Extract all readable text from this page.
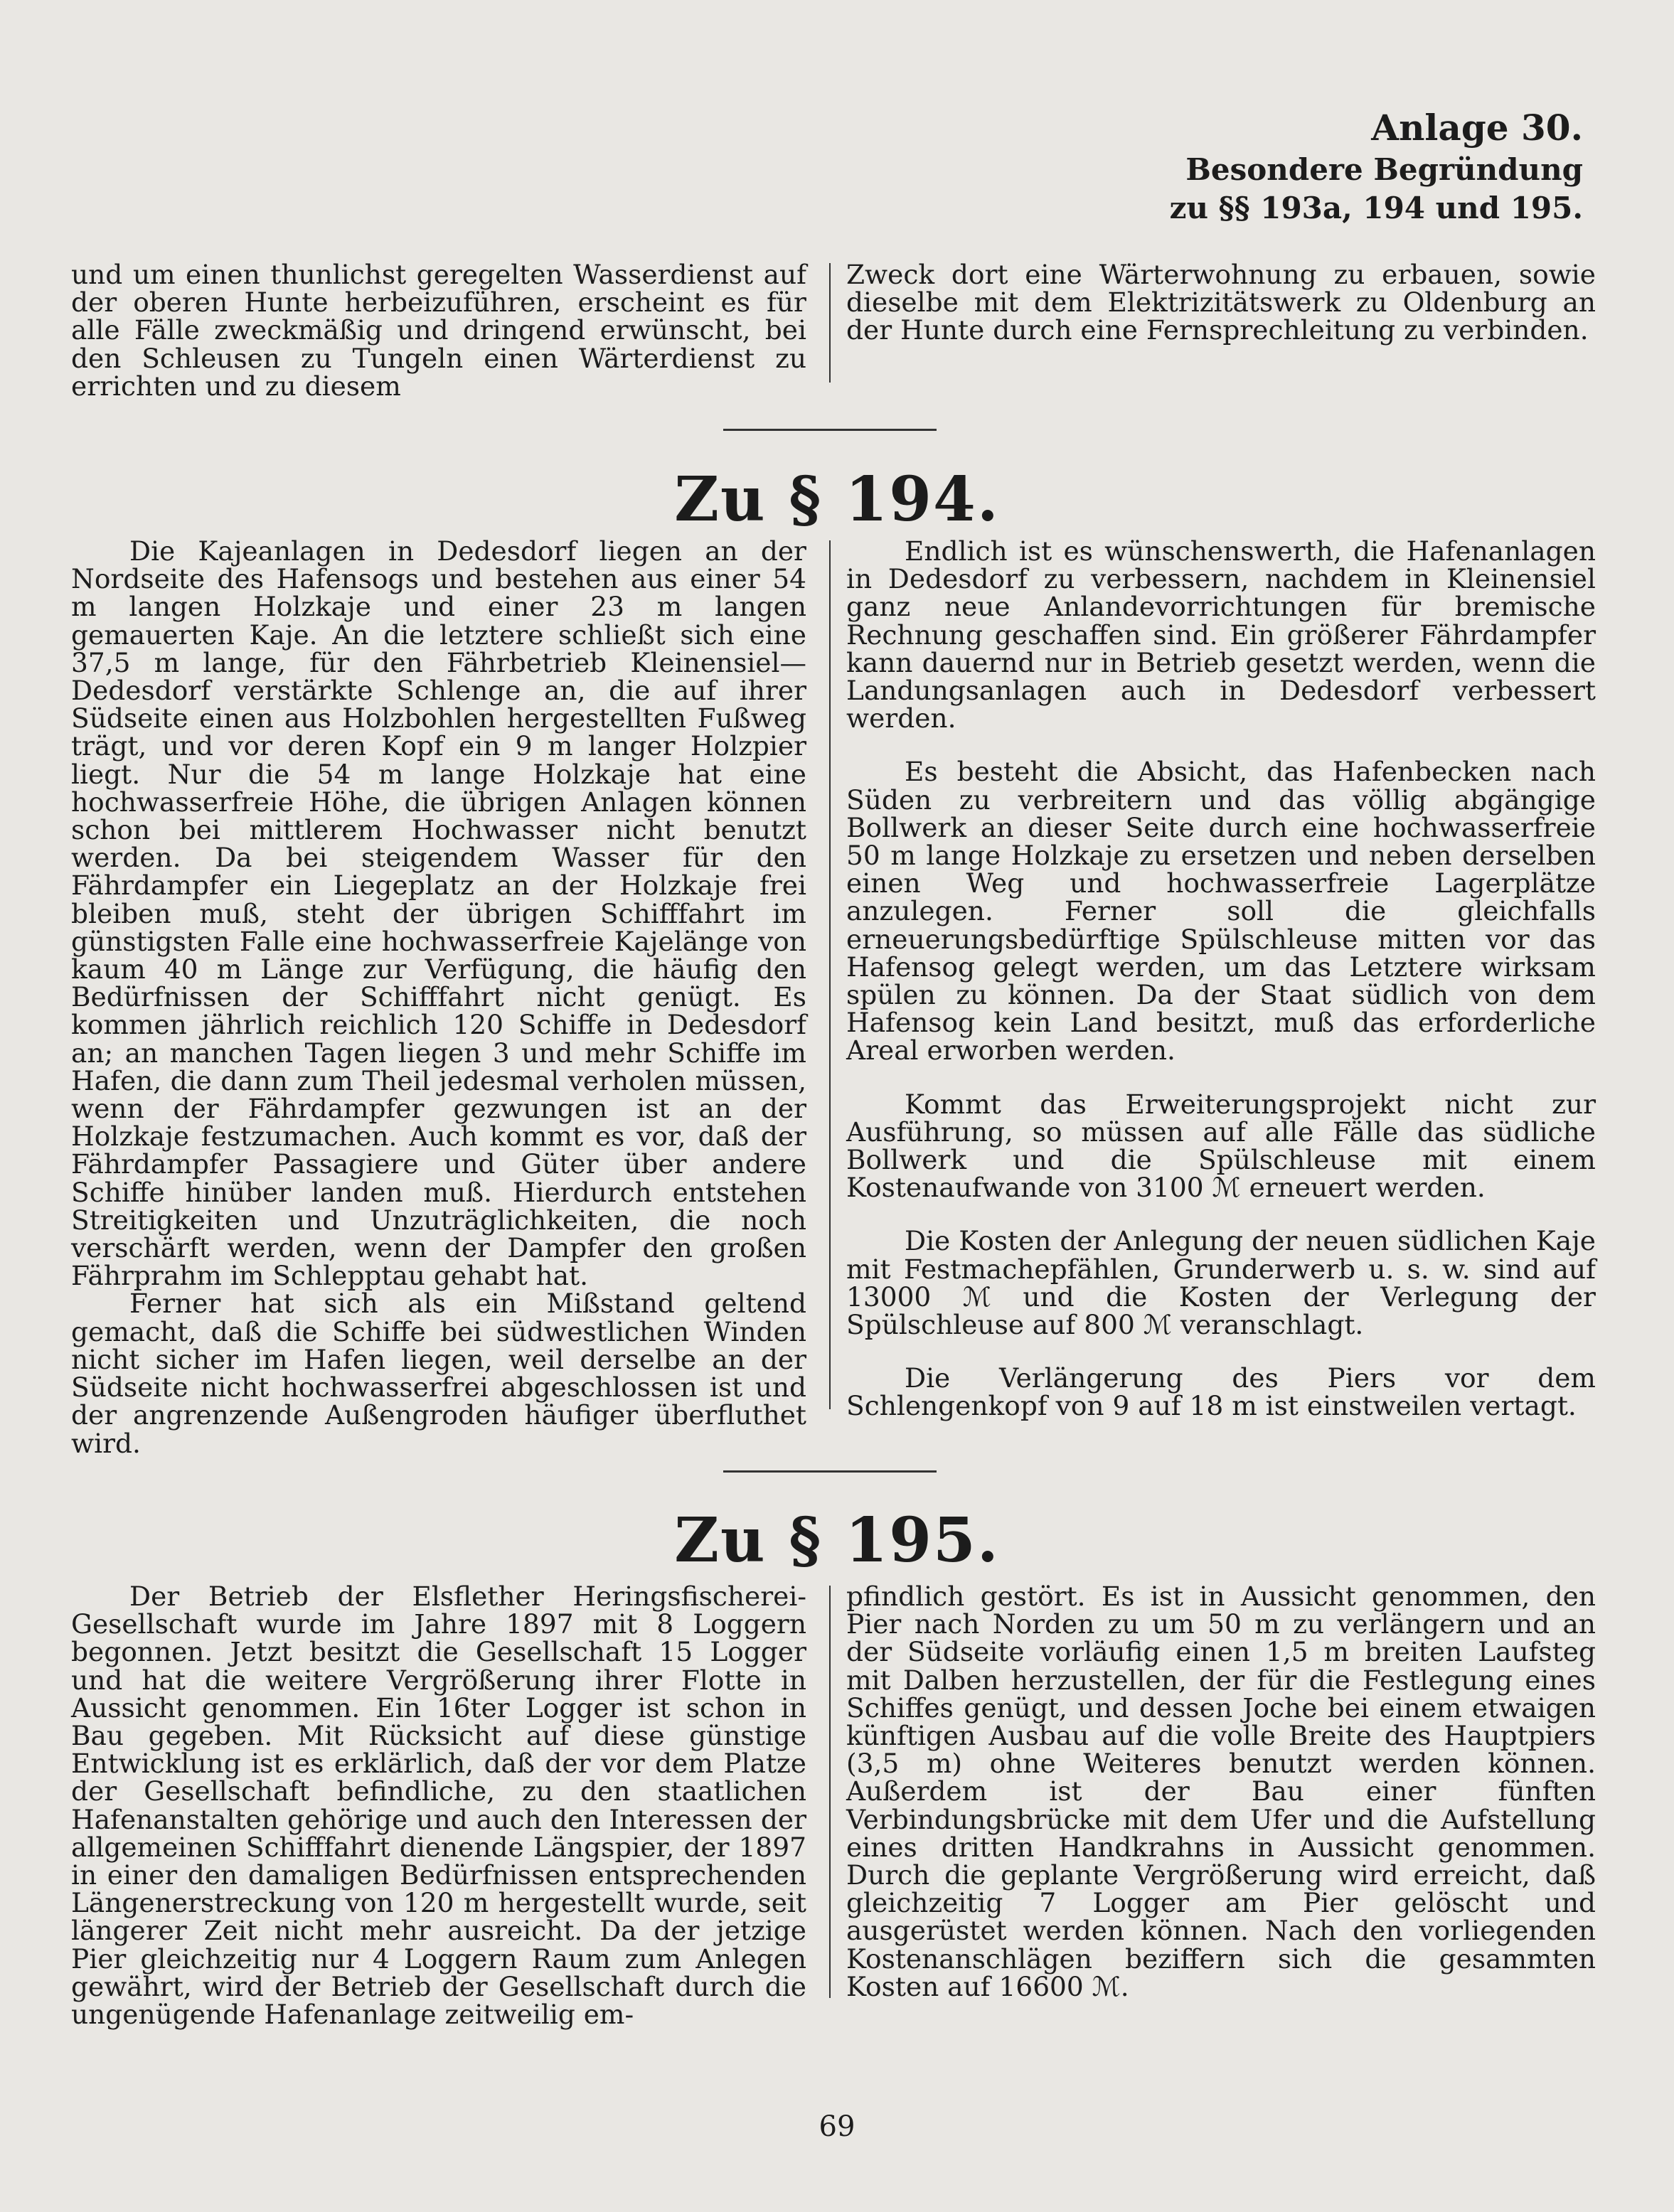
Anlage 30.
Besondere Begründung
zu §§ 193a, 194 und 195.

und um einen thunlichst geregelten Wasserdienst auf der oberen Hunte herbeizuführen, erscheint es für alle Fälle zweckmäßig und dringend erwünscht, bei den Schleusen zu Tungeln einen Wärterdienst zu errichten und zu diesem

Zweck dort eine Wärterwohnung zu erbauen, sowie dieselbe mit dem Elektrizitätswerk zu Oldenburg an der Hunte durch eine Fernsprechleitung zu verbinden.

Zu § 194.

Die Kajeanlagen in Dedesdorf liegen an der Nordseite des Hafensogs und bestehen aus einer 54 m langen Holzkaje und einer 23 m langen gemauerten Kaje. An die letztere schließt sich eine 37,5 m lange, für den Fährbetrieb Kleinensiel—Dedesdorf verstärkte Schlenge an, die auf ihrer Südseite einen aus Holzbohlen hergestellten Fußweg trägt, und vor deren Kopf ein 9 m langer Holzpier liegt. Nur die 54 m lange Holzkaje hat eine hochwasserfreie Höhe, die übrigen Anlagen können schon bei mittlerem Hochwasser nicht benutzt werden. Da bei steigendem Wasser für den Fährdampfer ein Liegeplatz an der Holzkaje frei bleiben muß, steht der übrigen Schifffahrt im günstigsten Falle eine hochwasserfreie Kajelänge von kaum 40 m Länge zur Verfügung, die häufig den Bedürfnissen der Schifffahrt nicht genügt. Es kommen jährlich reichlich 120 Schiffe in Dedesdorf an; an manchen Tagen liegen 3 und mehr Schiffe im Hafen, die dann zum Theil jedesmal verholen müssen, wenn der Fährdampfer gezwungen ist an der Holzkaje festzumachen. Auch kommt es vor, daß der Fährdampfer Passagiere und Güter über andere Schiffe hinüber landen muß. Hierdurch entstehen Streitigkeiten und Unzuträglichkeiten, die noch verschärft werden, wenn der Dampfer den großen Fährprahm im Schlepptau gehabt hat.

Ferner hat sich als ein Mißstand geltend gemacht, daß die Schiffe bei südwestlichen Winden nicht sicher im Hafen liegen, weil derselbe an der Südseite nicht hochwasserfrei abgeschlossen ist und der angrenzende Außengroden häufiger überfluthet wird.

Endlich ist es wünschenswerth, die Hafenanlagen in Dedesdorf zu verbessern, nachdem in Kleinensiel ganz neue Anlandevorrichtungen für bremische Rechnung geschaffen sind. Ein größerer Fährdampfer kann dauernd nur in Betrieb gesetzt werden, wenn die Landungsanlagen auch in Dedesdorf verbessert werden.

Es besteht die Absicht, das Hafenbecken nach Süden zu verbreitern und das völlig abgängige Bollwerk an dieser Seite durch eine hochwasserfreie 50 m lange Holzkaje zu ersetzen und neben derselben einen Weg und hochwasserfreie Lagerplätze anzulegen. Ferner soll die gleichfalls erneuerungsbedürftige Spülschleuse mitten vor das Hafensog gelegt werden, um das Letztere wirksam spülen zu können. Da der Staat südlich von dem Hafensog kein Land besitzt, muß das erforderliche Areal erworben werden.

Kommt das Erweiterungsprojekt nicht zur Ausführung, so müssen auf alle Fälle das südliche Bollwerk und die Spülschleuse mit einem Kostenaufwande von 3100 ℳ erneuert werden.

Die Kosten der Anlegung der neuen südlichen Kaje mit Festmachepfählen, Grunderwerb u. s. w. sind auf 13000 ℳ und die Kosten der Verlegung der Spülschleuse auf 800 ℳ veranschlagt.

Die Verlängerung des Piers vor dem Schlengenkopf von 9 auf 18 m ist einstweilen vertagt.

Zu § 195.

Der Betrieb der Elsflether Heringsfischerei-Gesellschaft wurde im Jahre 1897 mit 8 Loggern begonnen. Jetzt besitzt die Gesellschaft 15 Logger und hat die weitere Vergrößerung ihrer Flotte in Aussicht genommen. Ein 16ter Logger ist schon in Bau gegeben. Mit Rücksicht auf diese günstige Entwicklung ist es erklärlich, daß der vor dem Platze der Gesellschaft befindliche, zu den staatlichen Hafenanstalten gehörige und auch den Interessen der allgemeinen Schifffahrt dienende Längspier, der 1897 in einer den damaligen Bedürfnissen entsprechenden Längenerstreckung von 120 m hergestellt wurde, seit längerer Zeit nicht mehr ausreicht. Da der jetzige Pier gleichzeitig nur 4 Loggern Raum zum Anlegen gewährt, wird der Betrieb der Gesellschaft durch die ungenügende Hafenanlage zeitweilig em-

pfindlich gestört. Es ist in Aussicht genommen, den Pier nach Norden zu um 50 m zu verlängern und an der Südseite vorläufig einen 1,5 m breiten Laufsteg mit Dalben herzustellen, der für die Festlegung eines Schiffes genügt, und dessen Joche bei einem etwaigen künftigen Ausbau auf die volle Breite des Hauptpiers (3,5 m) ohne Weiteres benutzt werden können. Außerdem ist der Bau einer fünften Verbindungsbrücke mit dem Ufer und die Aufstellung eines dritten Handkrahns in Aussicht genommen. Durch die geplante Vergrößerung wird erreicht, daß gleichzeitig 7 Logger am Pier gelöscht und ausgerüstet werden können. Nach den vorliegenden Kostenanschlägen beziffern sich die gesammten Kosten auf 16600 ℳ.

69
